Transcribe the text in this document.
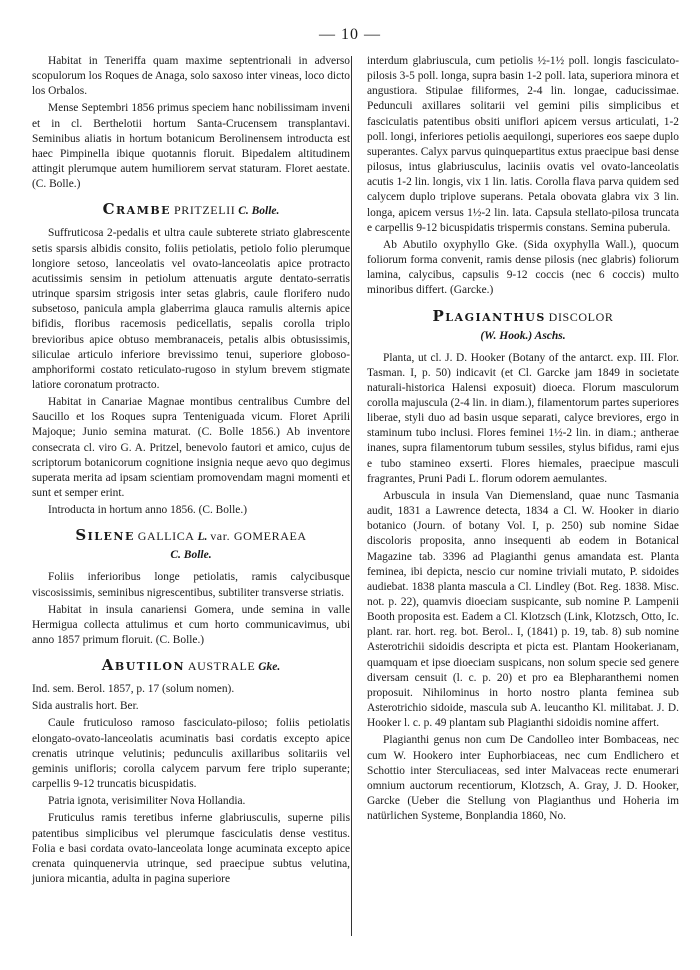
— 10 —

Habitat in Teneriffa quam maxime septentrionali in adverso scopulorum los Roques de Anaga, solo saxoso inter vineas, loco dicto los Orbalos.

Mense Septembri 1856 primus speciem hanc nobilissimam inveni et in cl. Berthelotii hortum Santa-Crucensem transplantavi. Seminibus aliatis in hortum botanicum Berolinensem introducta est haec Pimpinella ibique quotannis floruit. Bipedalem altitudinem attingit plerumque autem humiliorem servat staturam. Floret aestate. (C. Bolle.)

Crambe PRITZELII C. Bolle.

Suffruticosa 2-pedalis et ultra caule subterete striato glabrescente setis sparsis albidis consito, foliis petiolatis, petiolo folio plerumque longiore setoso, lanceolatis vel ovato-lanceolatis apice protracto acutissimis sensim in petiolum attenuatis argute dentato-serratis utrinque sparsim strigosis inter setas glabris, caule florifero nudo subsetoso, panicula ampla glaberrima glauca ramulis alternis apice bifidis, floribus racemosis pedicellatis, sepalis corolla triplo brevioribus apice obtuso membranaceis, petalis albis obtusissimis, siliculae articulo inferiore brevissimo tenui, superiore globoso-amphoriformi costato reticulato-rugoso in stylum brevem stigmate latiore coronatum protracto.

Habitat in Canariae Magnae montibus centralibus Cumbre del Saucillo et los Roques supra Tenteniguada vicum. Floret Aprili Majoque; Junio semina maturat. (C. Bolle 1856.) Ab inventore consecrata cl. viro G. A. Pritzel, benevolo fautori et amico, cujus de scriptorum botanicorum cognitione insignia neque aevo quo degimus superata merita ad ipsam scientiam promovendam magni momenti et sunt et semper erint.

Introducta in hortum anno 1856. (C. Bolle.)

Silene GALLICA L. var. GOMERAEA
C. Bolle.

Foliis inferioribus longe petiolatis, ramis calycibusque viscosissimis, seminibus nigrescentibus, subtiliter transverse striatis.

Habitat in insula canariensi Gomera, unde semina in valle Hermigua collecta attulimus et cum horto communicavimus, ubi anno 1857 primum floruit. (C. Bolle.)

Abutilon AUSTRALE Gke.

Ind. sem. Berol. 1857, p. 17 (solum nomen).

Sida australis hort. Ber.

Caule fruticuloso ramoso fasciculato-piloso; foliis petiolatis elongato-ovato-lanceolatis acuminatis basi cordatis excepto apice crenatis utrinque velutinis; pedunculis axillaribus solitariis vel geminis unifloris; corolla calycem parvum fere triplo superante; carpellis 9-12 truncatis bicuspidatis.

Patria ignota, verisimiliter Nova Hollandia.

Fruticulus ramis teretibus inferne glabriusculis, superne pilis patentibus simplicibus vel plerumque fasciculatis dense vestitus. Folia e basi cordata ovato-lanceolata longe acuminata excepto apice crenata quinquenervia utrinque, sed praecipue subtus velutina, juniora micantia, adulta in pagina superiore

interdum glabriuscula, cum petiolis ½-1½ poll. longis fasciculato-pilosis 3-5 poll. longa, supra basin 1-2 poll. lata, superiora minora et angustiora. Stipulae filiformes, 2-4 lin. longae, caducissimae. Pedunculi axillares solitarii vel gemini pilis simplicibus et fasciculatis patentibus obsiti uniflori apicem versus articulati, 1-2 poll. longi, inferiores petiolis aequilongi, superiores eos saepe duplo superantes. Calyx parvus quinquepartitus extus praecipue basi dense pilosus, intus glabriusculus, laciniis ovatis vel ovato-lanceolatis acutis 1-2 lin. longis, vix 1 lin. latis. Corolla flava parva quidem sed calycem duplo triplove superans. Petala obovata glabra vix 3 lin. longa, apicem versus 1½-2 lin. lata. Capsula stellato-pilosa truncata e carpellis 9-12 bicuspidatis trispermis constans. Semina puberula.

Ab Abutilo oxyphyllo Gke. (Sida oxyphylla Wall.), quocum foliorum forma convenit, ramis dense pilosis (nec glabris) foliorum lamina, calycibus, capsulis 9-12 coccis (nec 6 coccis) multo minoribus differt. (Garcke.)

Plagianthus DISCOLOR
(W. Hook.) Aschs.

Planta, ut cl. J. D. Hooker (Botany of the antarct. exp. III. Flor. Tasman. I, p. 50) indicavit (et Cl. Garcke jam 1849 in societate naturali-historica Halensi exposuit) dioeca. Florum masculorum corolla majuscula (2-4 lin. in diam.), filamentorum partes superiores liberae, styli duo ad basin usque separati, calyce breviores, ergo in staminum tubo inclusi. Flores feminei 1½-2 lin. in diam.; antherae inanes, supra filamentorum tubum sessiles, stylus bifidus, rami ejus e tubo stamineo exserti. Flores hiemales, praecipue masculi fragrantes, Pruni Padi L. florum odorem aemulantes.

Arbuscula in insula Van Diemensland, quae nunc Tasmania audit, 1831 a Lawrence detecta, 1834 a Cl. W. Hooker in diario botanico (Journ. of botany Vol. I, p. 250) sub nomine Sidae discoloris proposita, anno insequenti ab eodem in Botanical Magazine tab. 3396 ad Plagianthi genus amandata est. Planta feminea, ibi depicta, nescio cur nomine triviali mutato, P. sidoides audiebat. 1838 planta mascula a Cl. Lindley (Bot. Reg. 1838. Misc. not. p. 22), quamvis dioeciam suspicante, sub nomine P. Lampenii Booth proposita est. Eadem a Cl. Klotzsch (Link, Klotzsch, Otto, Ic. plant. rar. hort. reg. bot. Berol.. I, (1841) p. 19, tab. 8) sub nomine Asterotrichii sidoidis descripta et picta est. Plantam Hookerianam, quamquam et ipse dioeciam suspicans, non solum specie sed genere diversam censuit (l. c. p. 20) et pro ea Blepharanthemi nomen proposuit. Nihilominus in horto nostro planta feminea sub Asterotrichio sidoide, mascula sub A. leucantho Kl. militabat. J. D. Hooker l. c. p. 49 plantam sub Plagianthi sidoidis nomine affert.

Plagianthi genus non cum De Candolleo inter Bombaceas, nec cum W. Hookero inter Euphorbiaceas, nec cum Endlichero et Schottio inter Sterculiaceas, sed inter Malvaceas recte enumerari omnium auctorum recentiorum, Klotzsch, A. Gray, J. D. Hooker, Garcke (Ueber die Stellung von Plagianthus und Hoheria im natürlichen Systeme, Bonplandia 1860, No.
